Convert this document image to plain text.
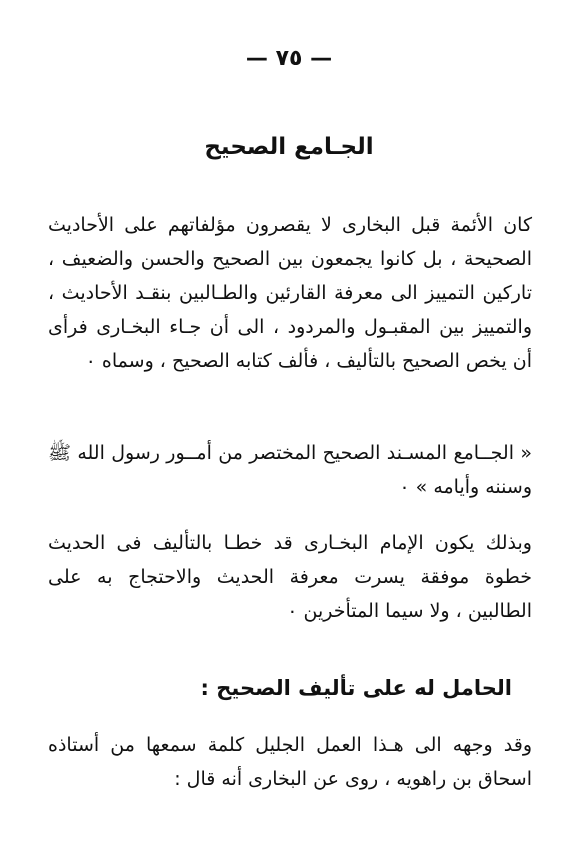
— ٧٥ —
الجـامع الصحيح

كان الأئمة قبل البخارى لا يقصرون مؤلفاتهم على الأحاديث الصحيحة ، بل كانوا يجمعون بين الصحيح والحسن والضعيف ، تاركين التمييز الى معرفة القارئين والطـالبين بنقـد الأحاديث ، والتمييز بين المقبـول والمردود ، الى أن جـاء البخـارى فرأى أن يخص الصحيح بالتأليف ، فألف كتابه الصحيح ، وسماه ٠

« الجــامع المسـند الصحيح المختصر من أمــور رسول الله ﷺ وسننه وأيامه » ٠

وبذلك يكون الإمام البخـارى قد خطـا بالتأليف فى الحديث خطوة موفقة يسرت معرفة الحديث والاحتجاج به على الطالبين ، ولا سيما المتأخرين ٠

الحامل له على تأليف الصحيح :

وقد وجهه الى هـذا العمل الجليل كلمة سمعها من أستاذه اسحاق بن راهويه ، روى عن البخارى أنه قال :
